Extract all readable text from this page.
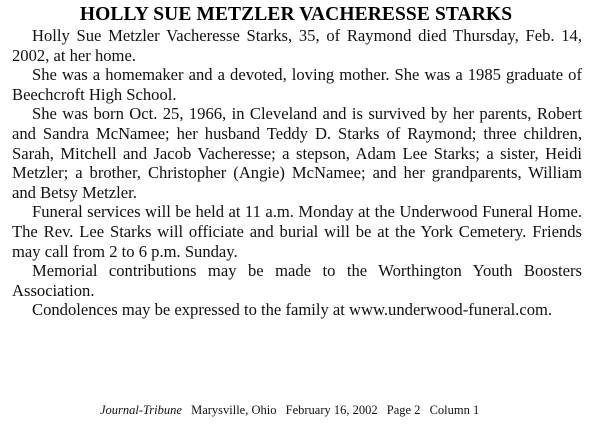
HOLLY SUE METZLER VACHERESSE STARKS

Holly Sue Metzler Vacheresse Starks, 35, of Raymond died Thursday, Feb. 14, 2002, at her home.

She was a homemaker and a devoted, loving mother. She was a 1985 graduate of Beechcroft High School.

She was born Oct. 25, 1966, in Cleveland and is survived by her parents, Robert and Sandra McNamee; her husband Teddy D. Starks of Raymond; three children, Sarah, Mitchell and Jacob Vacheresse; a stepson, Adam Lee Starks; a sister, Heidi Metzler; a brother, Christopher (Angie) McNamee; and her grandparents, William and Betsy Metzler.

Funeral services will be held at 11 a.m. Monday at the Underwood Funeral Home. The Rev. Lee Starks will officiate and burial will be at the York Cemetery. Friends may call from 2 to 6 p.m. Sunday.

Memorial contributions may be made to the Worthington Youth Boosters Association.

Condolences may be expressed to the family at www.underwood-funeral.com.

Journal-Tribune Marysville, Ohio February 16, 2002 Page 2 Column 1
